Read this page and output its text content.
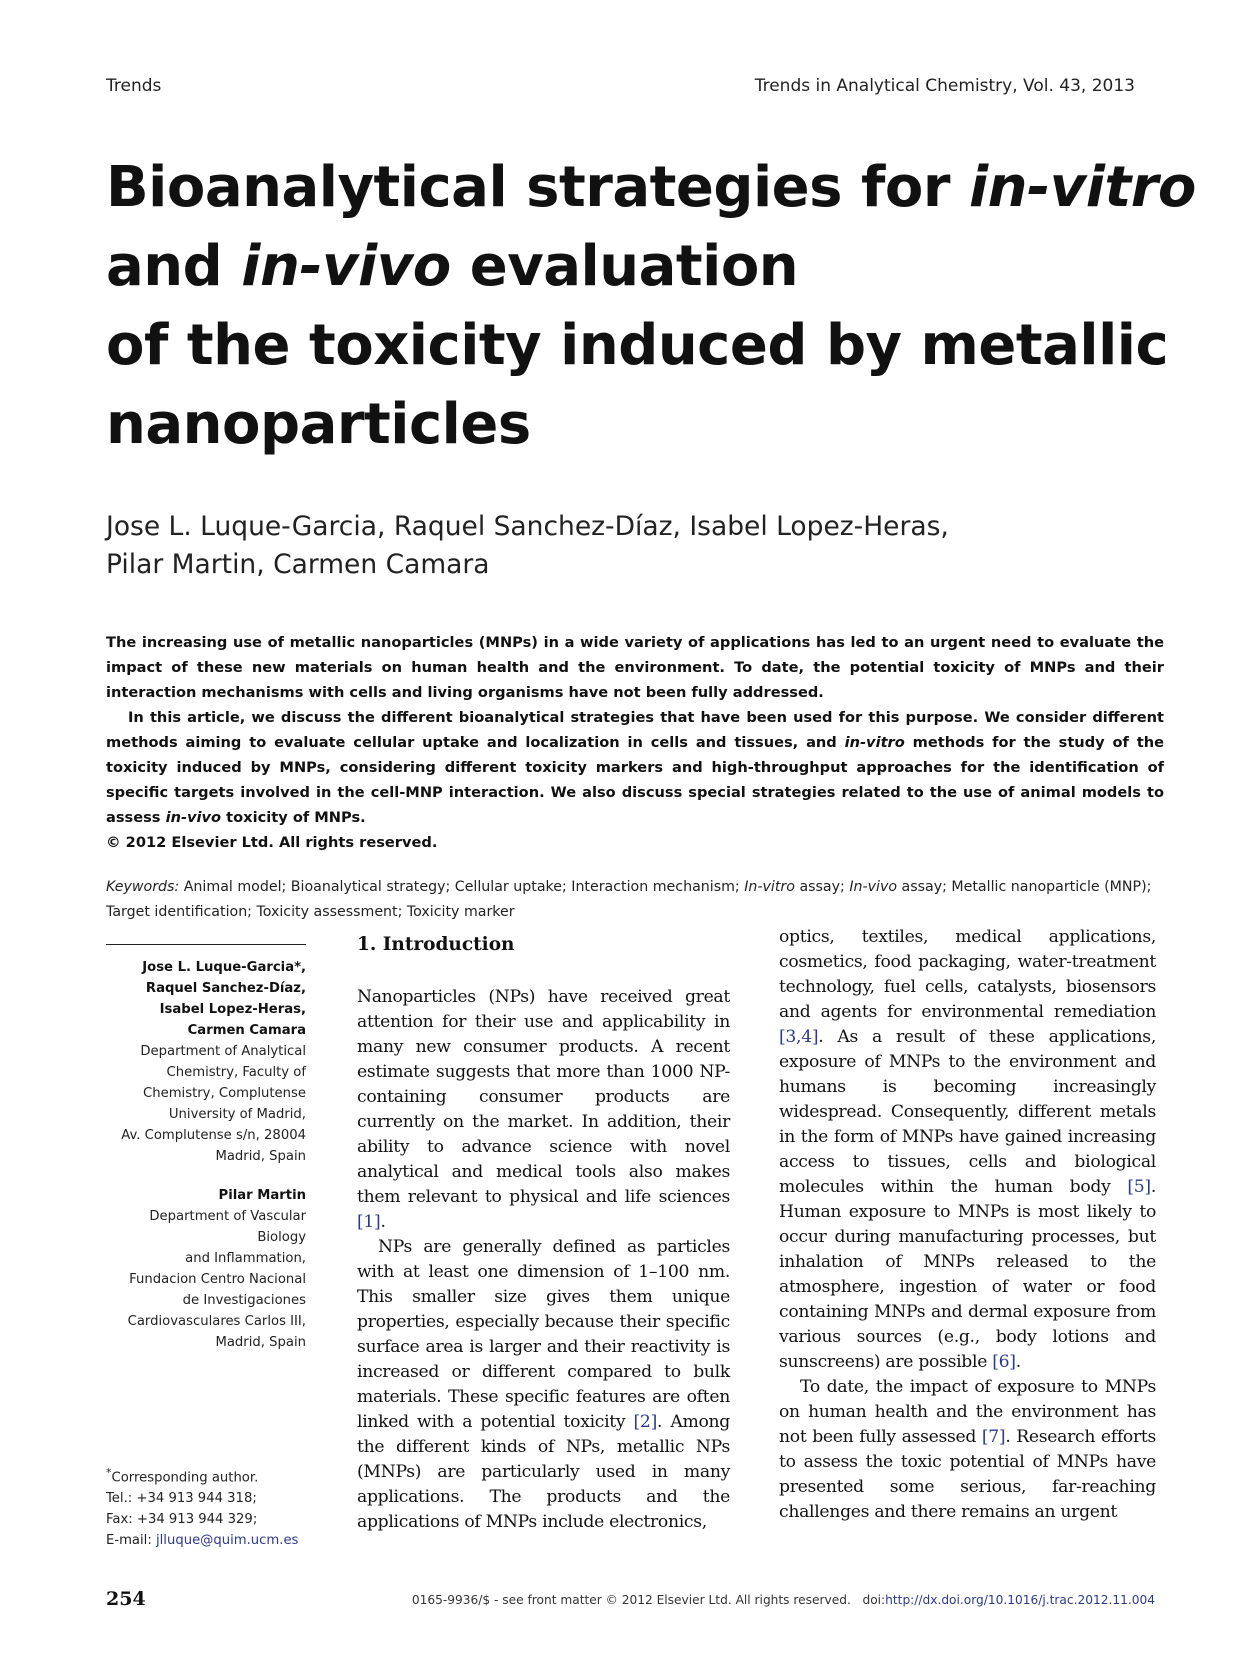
Trends	Trends in Analytical Chemistry, Vol. 43, 2013
Bioanalytical strategies for in-vitro
and in-vivo evaluation
of the toxicity induced by metallic
nanoparticles
Jose L. Luque-Garcia, Raquel Sanchez-Díaz, Isabel Lopez-Heras,
Pilar Martin, Carmen Camara

The increasing use of metallic nanoparticles (MNPs) in a wide variety of applications has led to an urgent need to evaluate the impact of these new materials on human health and the environment. To date, the potential toxicity of MNPs and their interaction mechanisms with cells and living organisms have not been fully addressed.

In this article, we discuss the different bioanalytical strategies that have been used for this purpose. We consider different methods aiming to evaluate cellular uptake and localization in cells and tissues, and in-vitro methods for the study of the toxicity induced by MNPs, considering different toxicity markers and high-throughput approaches for the identification of specific targets involved in the cell-MNP interaction. We also discuss special strategies related to the use of animal models to assess in-vivo toxicity of MNPs.

© 2012 Elsevier Ltd. All rights reserved.

Keywords: Animal model; Bioanalytical strategy; Cellular uptake; Interaction mechanism; In-vitro assay; In-vivo assay; Metallic nanoparticle (MNP); Target identification; Toxicity assessment; Toxicity marker
Jose L. Luque-Garcia*,
Raquel Sanchez-Díaz,
Isabel Lopez-Heras,
Carmen Camara
Department of Analytical
Chemistry, Faculty of
Chemistry, Complutense
University of Madrid,
Av. Complutense s/n, 28004
Madrid, Spain
Pilar Martin
Department of Vascular Biology
and Inflammation,
Fundacion Centro Nacional
de Investigaciones
Cardiovasculares Carlos III,
Madrid, Spain
*Corresponding author.
Tel.: +34 913 944 318;
Fax: +34 913 944 329;
E-mail: jlluque@quim.ucm.es
1. Introduction

Nanoparticles (NPs) have received great attention for their use and applicability in many new consumer products. A recent estimate suggests that more than 1000 NP-containing consumer products are currently on the market. In addition, their ability to advance science with novel analytical and medical tools also makes them relevant to physical and life sciences [1].

NPs are generally defined as particles with at least one dimension of 1–100 nm. This smaller size gives them unique properties, especially because their specific surface area is larger and their reactivity is increased or different compared to bulk materials. These specific features are often linked with a potential toxicity [2]. Among the different kinds of NPs, metallic NPs (MNPs) are particularly used in many applications. The products and the applications of MNPs include electronics,

optics, textiles, medical applications, cosmetics, food packaging, water-treatment technology, fuel cells, catalysts, biosensors and agents for environmental remediation [3,4]. As a result of these applications, exposure of MNPs to the environment and humans is becoming increasingly widespread. Consequently, different metals in the form of MNPs have gained increasing access to tissues, cells and biological molecules within the human body [5]. Human exposure to MNPs is most likely to occur during manufacturing processes, but inhalation of MNPs released to the atmosphere, ingestion of water or food containing MNPs and dermal exposure from various sources (e.g., body lotions and sunscreens) are possible [6].

To date, the impact of exposure to MNPs on human health and the environment has not been fully assessed [7]. Research efforts to assess the toxic potential of MNPs have presented some serious, far-reaching challenges and there remains an urgent

254	0165-9936/$ - see front matter © 2012 Elsevier Ltd. All rights reserved. doi:http://dx.doi.org/10.1016/j.trac.2012.11.004
